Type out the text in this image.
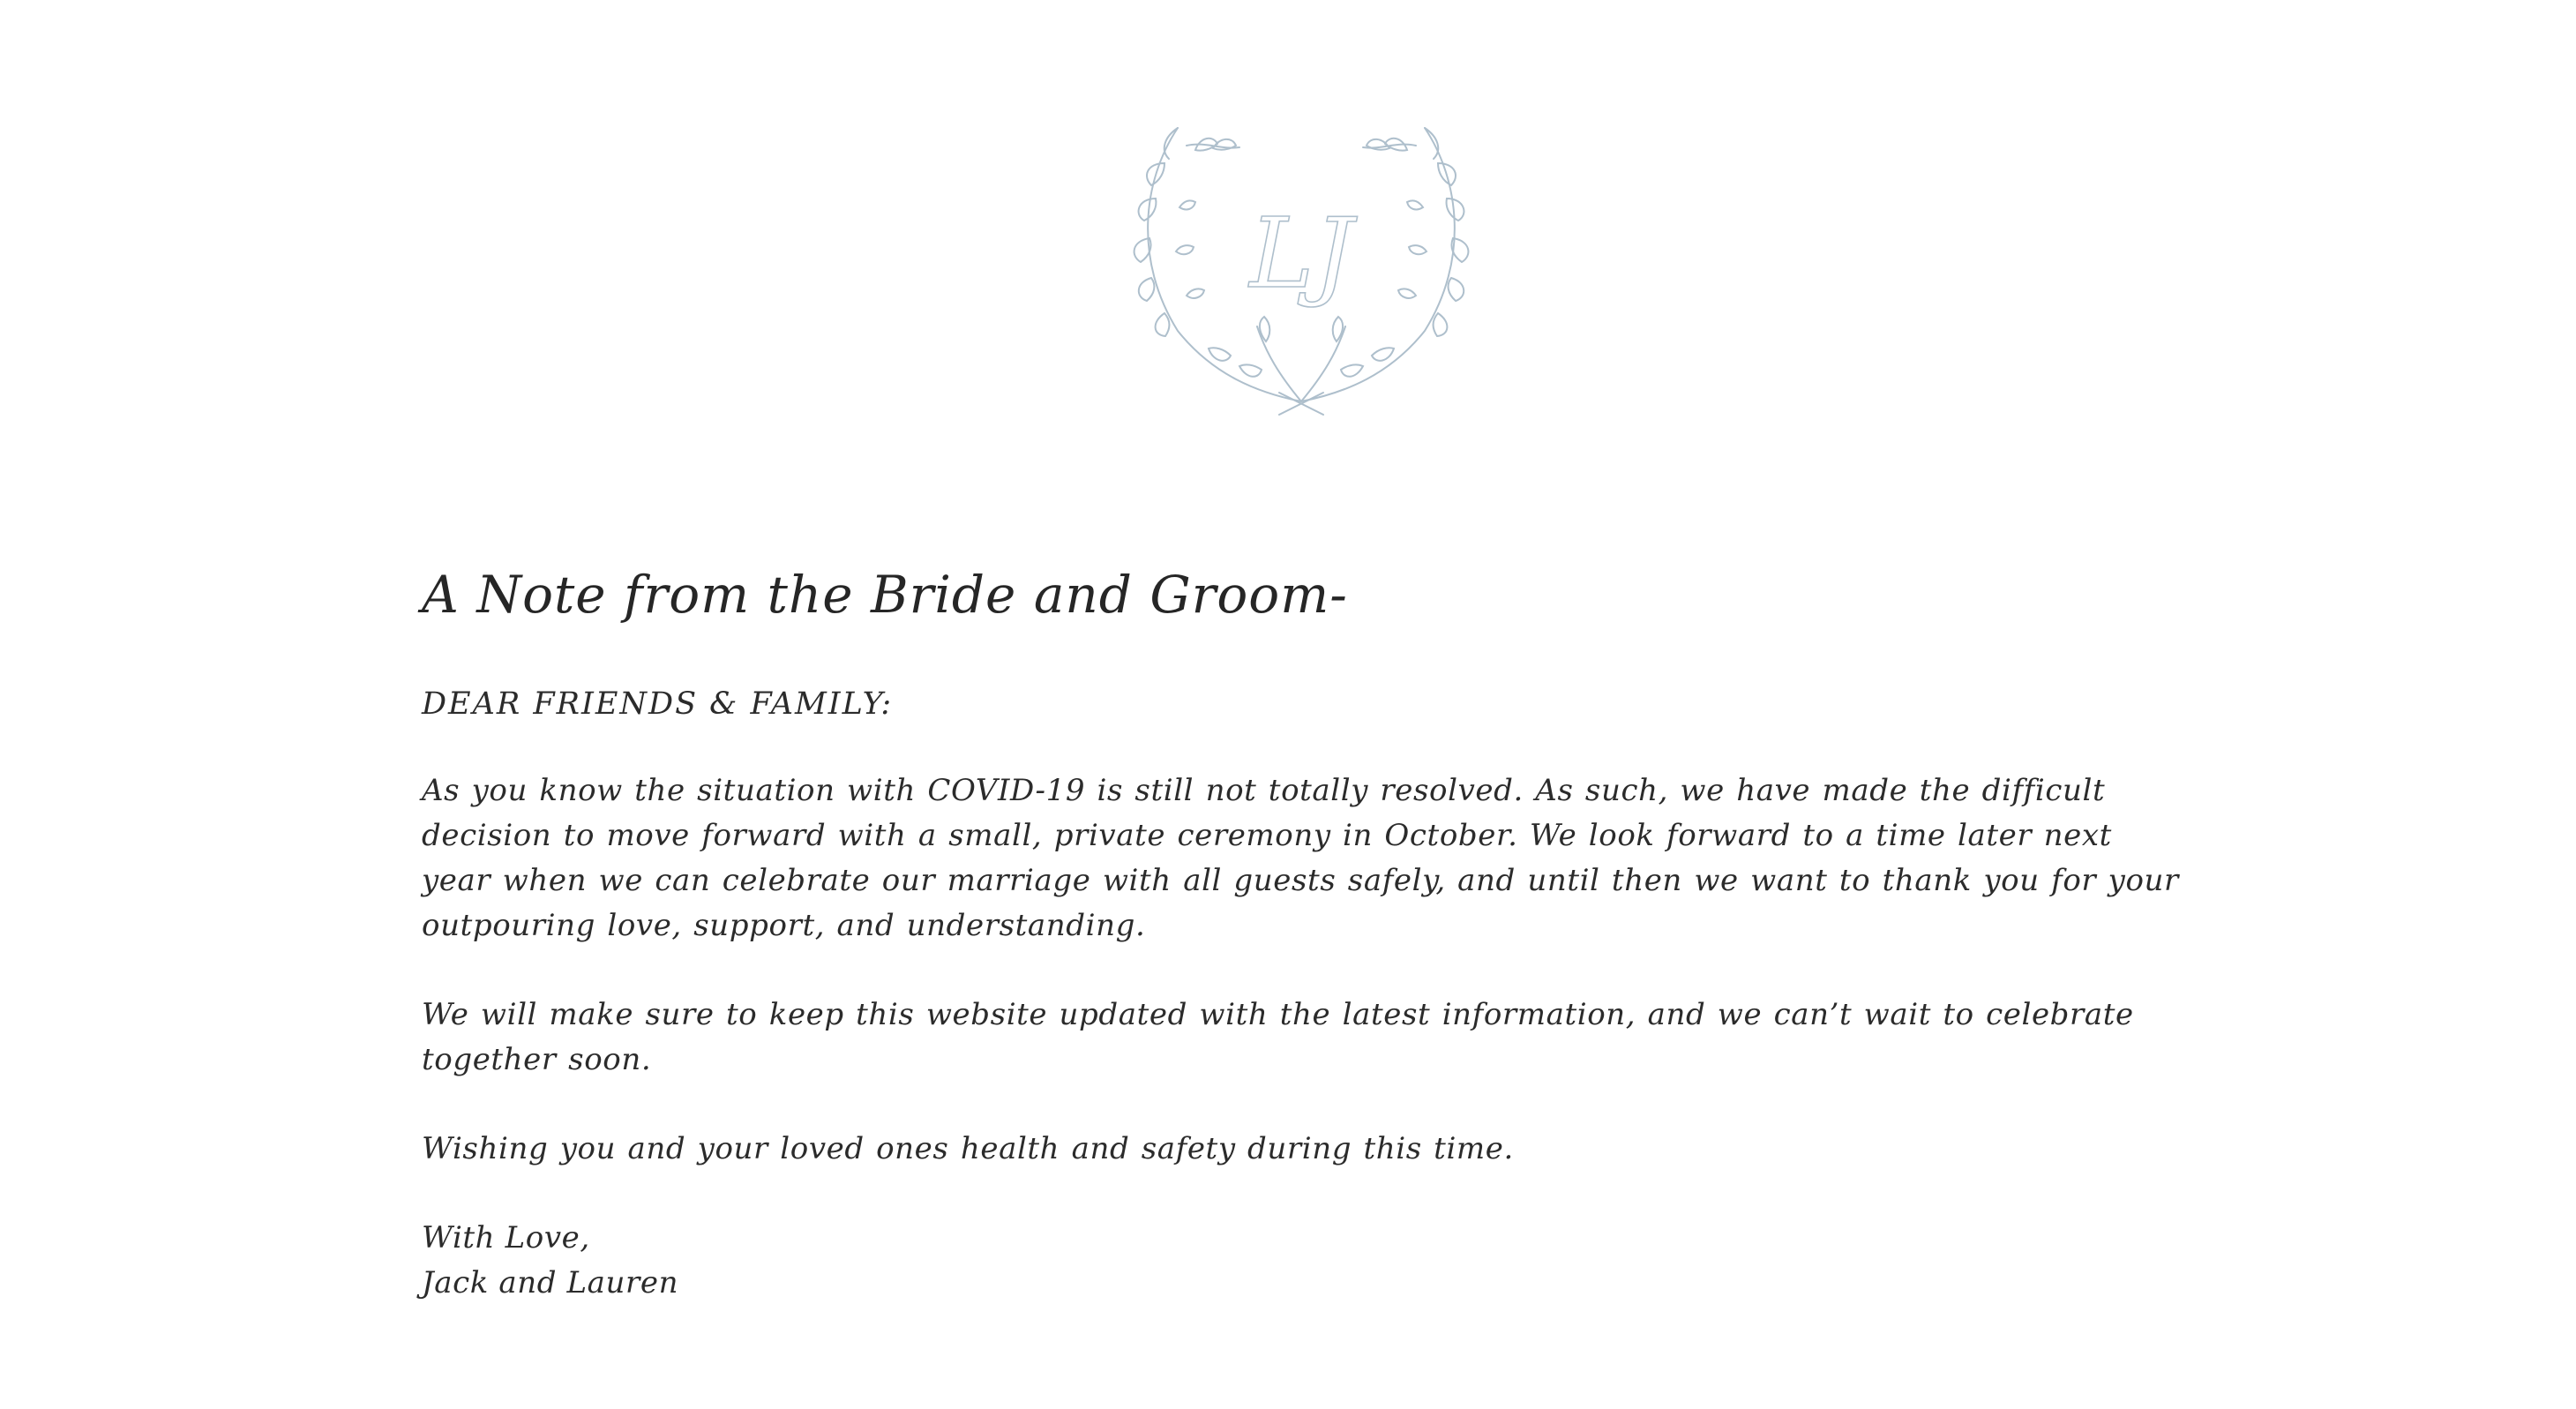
LJ
A Note from the Bride and Groom-

DEAR FRIENDS & FAMILY:

As you know the situation with COVID-19 is still not totally resolved. As such, we have made the difficult decision to move forward with a small, private ceremony in October. We look forward to a time later next year when we can celebrate our marriage with all guests safely, and until then we want to thank you for your outpouring love, support, and understanding.

We will make sure to keep this website updated with the latest information, and we can’t wait to celebrate together soon.

Wishing you and your loved ones health and safety during this time.

With Love,

Jack and Lauren
